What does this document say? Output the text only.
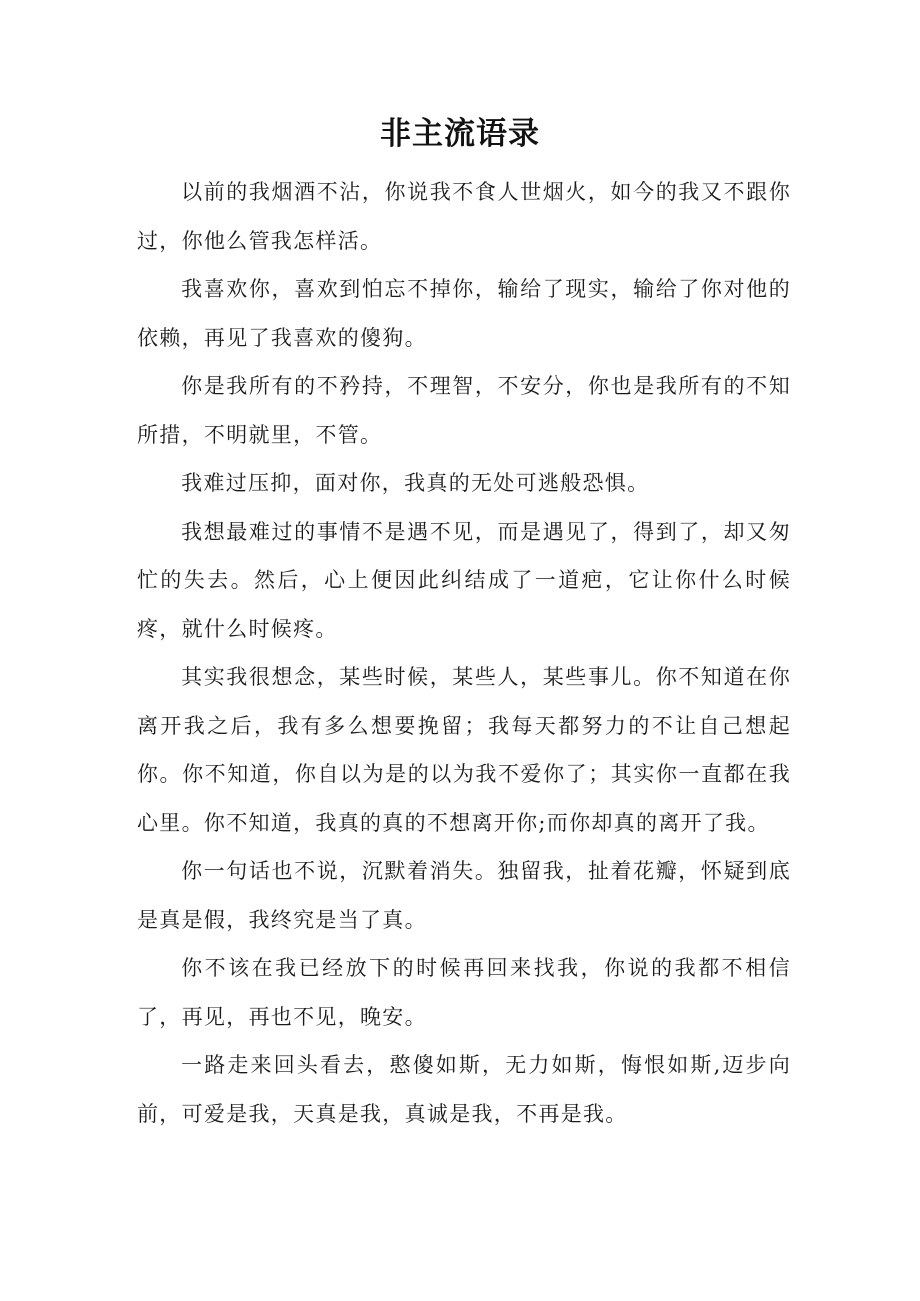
非主流语录

以前的我烟酒不沾，你说我不食人世烟火，如今的我又不跟你过，你他么管我怎样活。

我喜欢你，喜欢到怕忘不掉你，输给了现实，输给了你对他的依赖，再见了我喜欢的傻狗。

你是我所有的不矜持，不理智，不安分，你也是我所有的不知所措，不明就里，不管。

我难过压抑，面对你，我真的无处可逃般恐惧。

我想最难过的事情不是遇不见，而是遇见了，得到了，却又匆忙的失去。然后，心上便因此纠结成了一道疤，它让你什么时候疼，就什么时候疼。

其实我很想念，某些时候，某些人，某些事儿。你不知道在你离开我之后，我有多么想要挽留；我每天都努力的不让自己想起你。你不知道，你自以为是的以为我不爱你了；其实你一直都在我心里。你不知道，我真的真的不想离开你;而你却真的离开了我。

你一句话也不说，沉默着消失。独留我，扯着花瓣，怀疑到底是真是假，我终究是当了真。

你不该在我已经放下的时候再回来找我，你说的我都不相信了，再见，再也不见，晚安。

一路走来回头看去，憨傻如斯，无力如斯，悔恨如斯,迈步向前，可爱是我，天真是我，真诚是我，不再是我。
